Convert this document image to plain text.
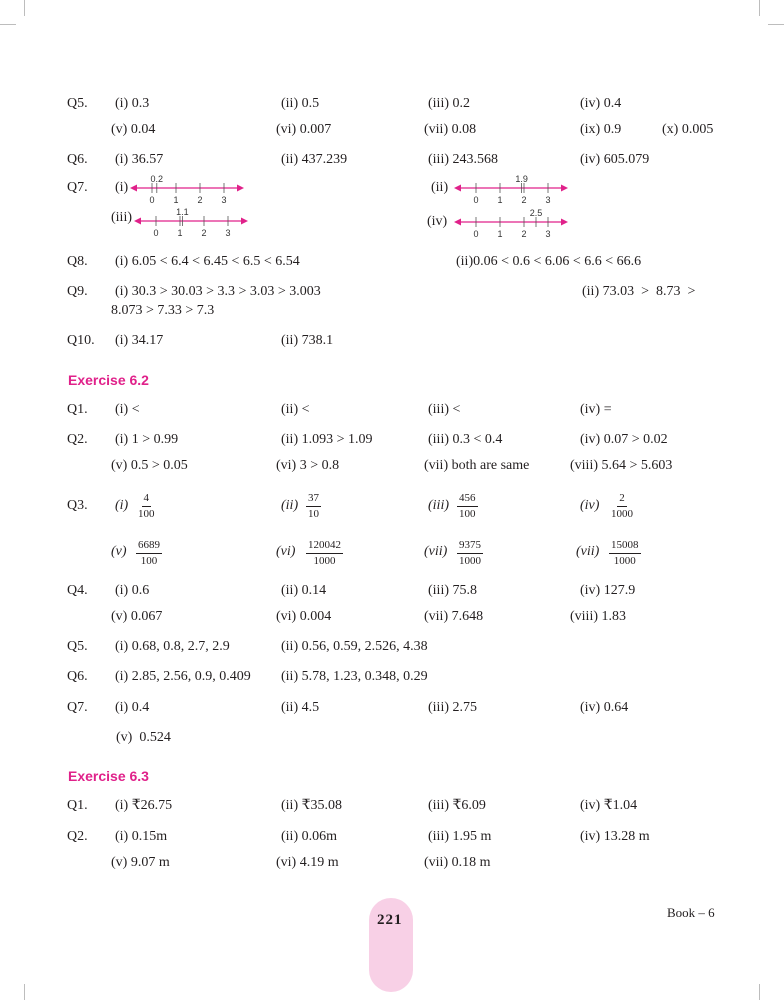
Q5. (i) 0.3	(ii) 0.5	(iii) 0.2	(iv) 0.4
(v) 0.04	(vi) 0.007	(vii) 0.08	(ix) 0.9	(x) 0.005
Q6. (i) 36.57	(ii) 437.239	(iii) 243.568	(iv) 605.079
Q7. (i)	(ii)
(iii)	(iv)
0 1 2 3
0.2
0 1 2 3
1.9
0 1 2 3
1.1
0 1 2 3
2.5
Q8. (i) 6.05 < 6.4 < 6.45 < 6.5 < 6.54	(ii)0.06 < 0.6 < 6.06 < 6.6 < 66.6
Q9. (i) 30.3 > 30.03 > 3.3 > 3.03 > 3.003	(ii) 73.03  >  8.73  >
8.073 > 7.33 > 7.3
Q10. (i) 34.17	(ii) 738.1
Exercise 6.2
Q1. (i) <	(ii) <	(iii) <	(iv) =
Q2. (i) 1 > 0.99	(ii) 1.093 > 1.09	(iii) 0.3 < 0.4	(iv) 0.07 > 0.02
(v) 0.5 > 0.05	(vi) 3 > 0.8	(vii) both are same	(viii) 5.64 > 5.603
Q3. $(i) \frac{4}{100}$	$(ii) \frac{37}{10}$	$(iii) \frac{456}{100}$	$(iv) \frac{2}{1000}$
$(v) \frac{6689}{100}$	$(vi) \frac{120042}{1000}$	$(vii) \frac{9375}{1000}$	$(vii) \frac{15008}{1000}$
Q4. (i) 0.6	(ii) 0.14	(iii) 75.8	(iv) 127.9
(v) 0.067	(vi) 0.004	(vii) 7.648	(viii) 1.83
Q5. (i) 0.68, 0.8, 2.7, 2.9	(ii) 0.56, 0.59, 2.526, 4.38
Q6. (i) 2.85, 2.56, 0.9, 0.409 (ii) 5.78, 1.23, 0.348, 0.29
Q7. (i) 0.4	(ii) 4.5	(iii) 2.75	(iv) 0.64
(v)  0.524
Exercise 6.3
Q1. (i) ₹26.75	(ii) ₹35.08	(iii) ₹6.09	(iv) ₹1.04
Q2. (i) 0.15m	(ii) 0.06m	(iii) 1.95 m	(iv) 13.28 m
(v) 9.07 m	(vi) 4.19 m	(vii) 0.18 m
221	Book – 6
